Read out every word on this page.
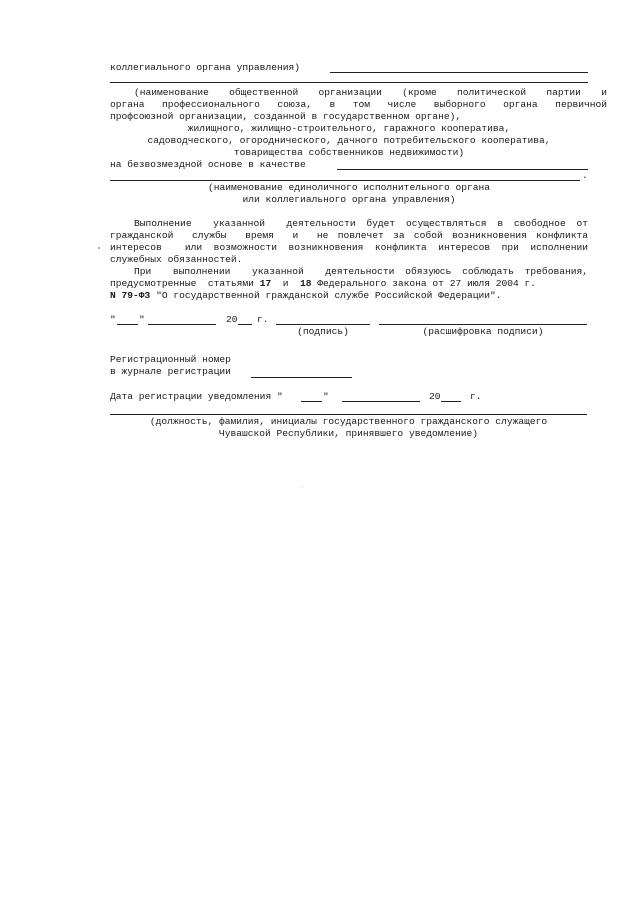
коллегиального органа управления)
(наименование  общественной  организации  (кроме  политической  партии  и
органа  профессионального  союза,  в  том  числе  выборного  органа  первичной
профсоюзной организации, созданной в государственном органе),
жилищного, жилищно-строительного, гаражного кооператива,
садоводческого, огороднического, дачного потребительского кооператива,
товарищества собственников недвижимости)
на безвозмездной основе в качестве
.
(наименование единоличного исполнительного органа
или коллегиального органа управления)
Выполнение  указанной  деятельности будет осуществляться в свободное от
гражданской  службы  время  и  не повлечет за собой возникновения конфликта
интересов  или возможности возникновения конфликта интересов при исполнении
служебных обязанностей.
При  выполнении  указанной  деятельности обязуюсь соблюдать требования,
предусмотренные  статьями 17  и  18 Федерального закона от 27 июля 2004 г.
N 79-ФЗ "О государственной гражданской службе Российской Федерации".
" "	20 г.
(подпись)	(расшифровка подписи)
Регистрационный номер
в журнале регистрации
Дата регистрации уведомления "	"	20	г.
(должность, фамилия, инициалы государственного гражданского служащего
Чувашской Республики, принявшего уведомление)
